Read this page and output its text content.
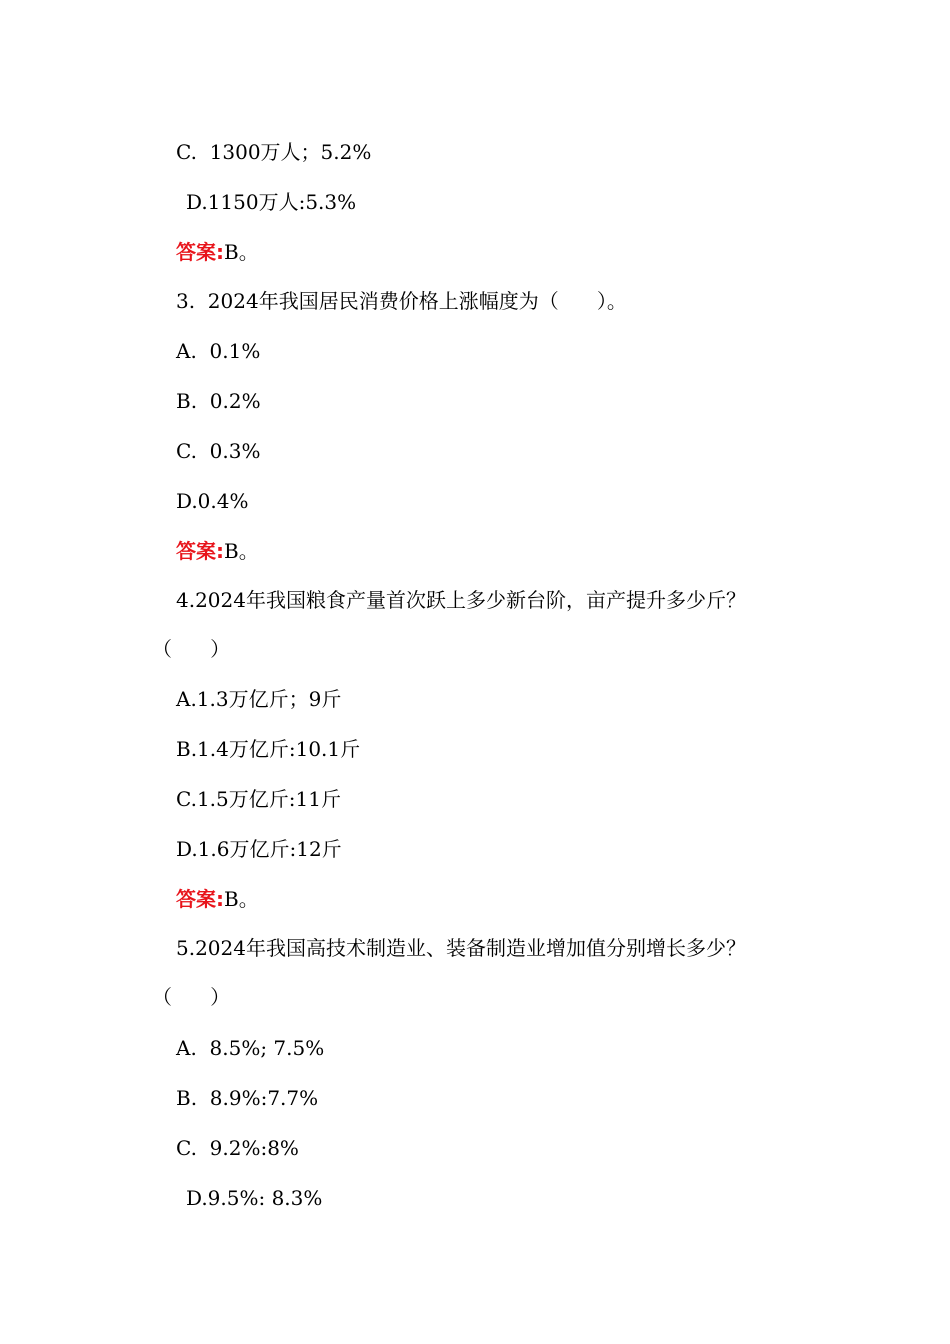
C.  1300万人；5.2%
D.1150万人:5.3%
答案:B。
3.  2024年我国居民消费价格上涨幅度为（      ）。
A.  0.1%
B.  0.2%
C.  0.3%
D.0.4%
答案:B。
4.2024年我国粮食产量首次跃上多少新台阶，亩产提升多少斤？
（      ）
A.1.3万亿斤；9斤
B.1.4万亿斤:10.1斤
C.1.5万亿斤:11斤
D.1.6万亿斤:12斤
答案:B。
5.2024年我国高技术制造业、装备制造业增加值分别增长多少？
（      ）
A.  8.5%; 7.5%
B.  8.9%:7.7%
C.  9.2%:8%
D.9.5%: 8.3%
